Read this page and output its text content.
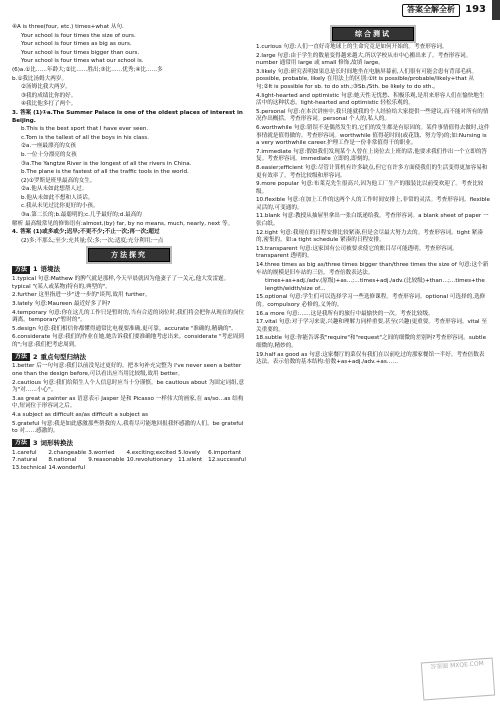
答案全解全析	193

④A is three(four, etc.) times+what 从句.

Your school is four times the size of ours.

Your school is four times as big as ours.

Your school is four times bigger than ours.

Your school is four times what our school is.

(6)a.①比……年龄大;②比……胜出;③比……优秀;④比……多

b.①我比汤姆大两岁。

②汤姆比我大两岁。

③我的成绩比你的好。

④我比他多打了两个。

3. 答案 (1)①a.The Summer Palace is one of the oldest places of interest in Beijing.

b.This is the best sport that I have ever seen.

c.Tom is the tallest of all the boys in his class.

②a.一座最漂亮的女孩

b.一位十分漂亮的女孩

③a.The Yangtze River is the longest of all the rivers in China.

b.The plane is the fastest of all the traffic tools in the world.

(2)①罗斯是班里最高的女生。

②a.他从未如此想帮人过。

b.他从未如此不想和人谈话。

c.我从未见过比你更好的小孩。

③a.第二长的;b.最聪明的;c.几乎最好的;d.最高的

解析 最高级常见的修饰语有:almost,(by) far, by no means, much, nearly, next 等。

4. 答案 (1)或多或少;迟早;不更不少;不止一次;再一次;超过

(2)多;不那么;至少;充其量;仅;多;一次;适度;充分利用;一点

方法探究
方法 1 语境法

1.typical 句意:Mathew 的脾气就是那样,今天早晨就因为他妻子了一关元,他大发雷霆。typical "(某人或某物)特有的,典型的"。

2.further 这里指进一步"进一步的"谈判,故用 further。

3.lately 句意:Maureen 最近好多了吗?

4.temporary 句意:你在这儿的工作只是暂时的,当有合适的岗位时,我们将会把你从现在的岗位调离。temporary"暂时的"。

5.design 句意:我们相信你都懂得通常比电视要准确,更可靠。accurate "准确的,精确的"。

6.considerate 句意:我们的作业在她,她告诉我们要准确地考虑出来。considerate "考虑周到的";句意:我们把考虑周到。

方法 2 重点句型归纳法

1.better 后一句句意:我们以前没见过更好的。把本句补充完整为 I've never seen a better one than the design before,可以看出应当用比较级,故用 better。

2.cautious 句意:我们给陌生人个人信息时应当十分谨慎。be cautious about 为固定词组,意为"对……小心"。

3.as great a painter as 语意表示 Jasper 是和 Picasso 一样伟大的画家,在 as/so…as 结构中,短词位于形容词之后。

4.a subject as difficult as/as difficult a subject as

5.grateful 句意:我是如此感激那些帮我的人,我将尽可能地回报我怀感激的人们。be grateful to 对……感激的。

方法 3 词形转换法
1.careful	2.changeable 3.worried	4.exciting;excited 5.lovely	6.important
7.natural	8.national	9.reasonable 10.revolutionary 11.silent	12.successful
13.technical 14.wonderful
综合测试

1.curious 句意:人们一直好奇地球上的生命究竟是如何开始的。考查形容词。

2.large 句意:由于学生的数量变得越来越大,所以学校从市中心搬出来了。考查形容词。number 通常用 large 或 small 修饰,故填 large。

3.likely 句意:研究表明如果总是长时间地坐在电脑屏幕前,人们很有可能会患有背部毛病。possible, probable, likely 在用法上的区别:①It is possible/probable/likely+that 从句;②It is possible for sb. to do sth.;③Sb./Sth. be likely to do sth.。

4.light-hearted and optimistic 句意:她天性无忧愁、积极乐观,是用来形容人们在愉快地生活中的这种状态。light-hearted and optimistic 轻松乐观的。

5.personal 句意:在本次讲座中,我只能就我的个人经验给大家提供一些建议,而不能对所有的情况作出概括。考查形容词。personal 个人的,私人的。

6.worthwhile 句意:错误不是偶然发生的,它们的发生都是有原因的。某件事情值得去做时,这件事情就是值得做的。考查形容词。worthwhile 值得花时间(或花钱、努力等)的;如:Nursing is a very worthwhile career.护理工作是一份非常值得干的职业。

7.immediate 句意:假如我们发现某个人曾在上岗位去上班的话,他要求我们作出一个立即的答复。考查形容词。immediate 立即的,即刻的。

8.easier;efficient 句意:尽管计算机有许多缺点,但它在许多方面使我们的生活变得更加容易和更有效率了。考查比较级和形容词。

9.more popular 句意:布莱克先生很高兴,因为他工厂生产的服装比以前受欢迎了。考查比较级。

10.flexible 句意:在加上工作的这两个人的工作时间安排上,非常的灵活。考查形容词。flexible 灵活的,可变通的。

11.blank 句意:教授从抽屉里拿出一张白纸递给我。考查形容词。a blank sheet of paper 一张白纸。

12.tight 句意:我现在的日程安排比较紧凑,但是会尽最大努力去的。考查形容词。tight 紧凑的,密集的。如:a tight schedule 紧凑的日程安排。

13.transparent 句意:这家国有公司被要求使它的账目尽可能透明。考查形容词。transparent 透明的。

14.three times as big as/three times bigger than/three times the size of 句意:这个新车站的规模是旧车站的三倍。考查倍数表达法。

times+as+adj./adv.(原级)+as…;…times+adj./adv.(比较级)+than…;…times+the length/width/size of…

15.optional 句意:学生们可以选择学习一些选修课程。考查形容词。optional 可选择的,选修的。compulsory 必修的,义务的。

16.a more 句意:……这是我所有的旅行中最愉快的一次。考查比较级。

17.vital 句意:对于学习来说,兴趣和理解力同样重要,甚至(兴趣)更重要。考查形容词。vital 至关重要的。

18.subtle 句意:你能告诉我"require"和"request"之间的细微的差别吗?考查形容词。subtle 细微的,精妙的。

19.half as good as 句意:这家餐厅的菜仅有我们在以前吃过的那家餐馆一半好。考查倍数表达法。表示倍数的基本结构:倍数+as+adj./adv.+as……

答案圈 MXQE.COM
